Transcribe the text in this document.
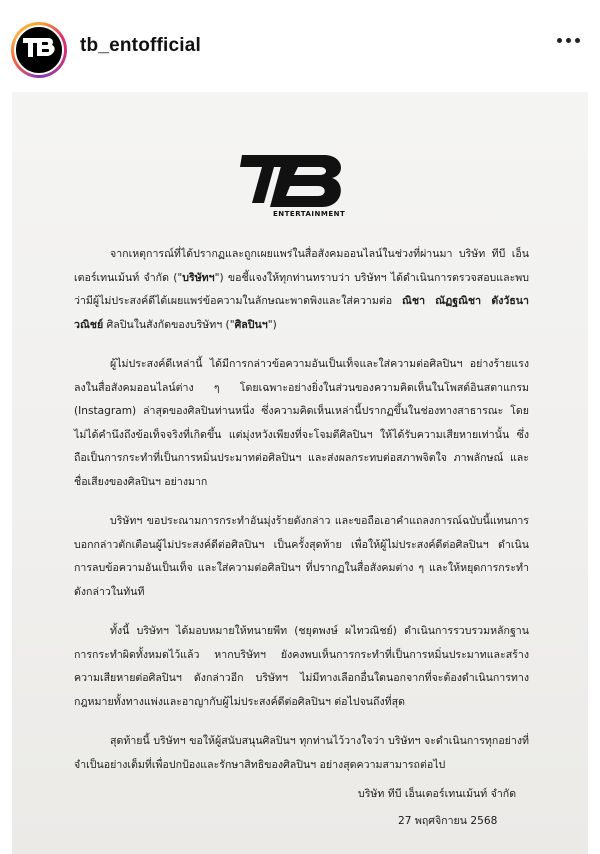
tb_entofficial
ENTERTAINMENT

จากเหตุการณ์ที่ได้ปรากฏและถูกเผยแพร่ในสื่อสังคมออนไลน์ในช่วงที่ผ่านมา บริษัท ทีบี เอ็นเตอร์เทนเม้นท์ จำกัด ("บริษัทฯ") ขอชี้แจงให้ทุกท่านทราบว่า บริษัทฯ ได้ดำเนินการตรวจสอบและพบว่ามีผู้ไม่ประสงค์ดีได้เผยแพร่ข้อความในลักษณะพาดพิงและใส่ความต่อ ณิชา ณัฏฐณิชา ดังวัธนาวณิชย์ ศิลปินในสังกัดของบริษัทฯ ("ศิลปินฯ")

ผู้ไม่ประสงค์ดีเหล่านี้ ได้มีการกล่าวข้อความอันเป็นเท็จและใส่ความต่อศิลปินฯ อย่างร้ายแรงลงในสื่อสังคมออนไลน์ต่าง ๆ โดยเฉพาะอย่างยิ่งในส่วนของความคิดเห็นในโพสต์อินสตาแกรม (Instagram) ล่าสุดของศิลปินท่านหนึ่ง ซึ่งความคิดเห็นเหล่านี้ปรากฏขึ้นในช่องทางสาธารณะ โดยไม่ได้คำนึงถึงข้อเท็จจริงที่เกิดขึ้น แต่มุ่งหวังเพียงที่จะโจมตีศิลปินฯ ให้ได้รับความเสียหายเท่านั้น ซึ่งถือเป็นการกระทำที่เป็นการหมิ่นประมาทต่อศิลปินฯ และส่งผลกระทบต่อสภาพจิตใจ ภาพลักษณ์ และชื่อเสียงของศิลปินฯ อย่างมาก

บริษัทฯ ขอประณามการกระทำอันมุ่งร้ายดังกล่าว และขอถือเอาคำแถลงการณ์ฉบับนี้แทนการบอกกล่าวตักเตือนผู้ไม่ประสงค์ดีต่อศิลปินฯ เป็นครั้งสุดท้าย เพื่อให้ผู้ไม่ประสงค์ดีต่อศิลปินฯ ดำเนินการลบข้อความอันเป็นเท็จ และใส่ความต่อศิลปินฯ ที่ปรากฏในสื่อสังคมต่าง ๆ และให้หยุดการกระทำดังกล่าวในทันที

ทั้งนี้ บริษัทฯ ได้มอบหมายให้ทนายพีท (ชยุตพงษ์ ผไทวณิชย์) ดำเนินการรวบรวมหลักฐานการกระทำผิดทั้งหมดไว้แล้ว หากบริษัทฯ ยังคงพบเห็นการกระทำที่เป็นการหมิ่นประมาทและสร้างความเสียหายต่อศิลปินฯ ดังกล่าวอีก บริษัทฯ ไม่มีทางเลือกอื่นใดนอกจากที่จะต้องดำเนินการทางกฎหมายทั้งทางแพ่งและอาญากับผู้ไม่ประสงค์ดีต่อศิลปินฯ ต่อไปจนถึงที่สุด

สุดท้ายนี้ บริษัทฯ ขอให้ผู้สนับสนุนศิลปินฯ ทุกท่านไว้วางใจว่า บริษัทฯ จะดำเนินการทุกอย่างที่จำเป็นอย่างเต็มที่เพื่อปกป้องและรักษาสิทธิของศิลปินฯ อย่างสุดความสามารถต่อไป

บริษัท ทีบี เอ็นเตอร์เทนเม้นท์ จำกัด
27 พฤศจิกายน 2568
